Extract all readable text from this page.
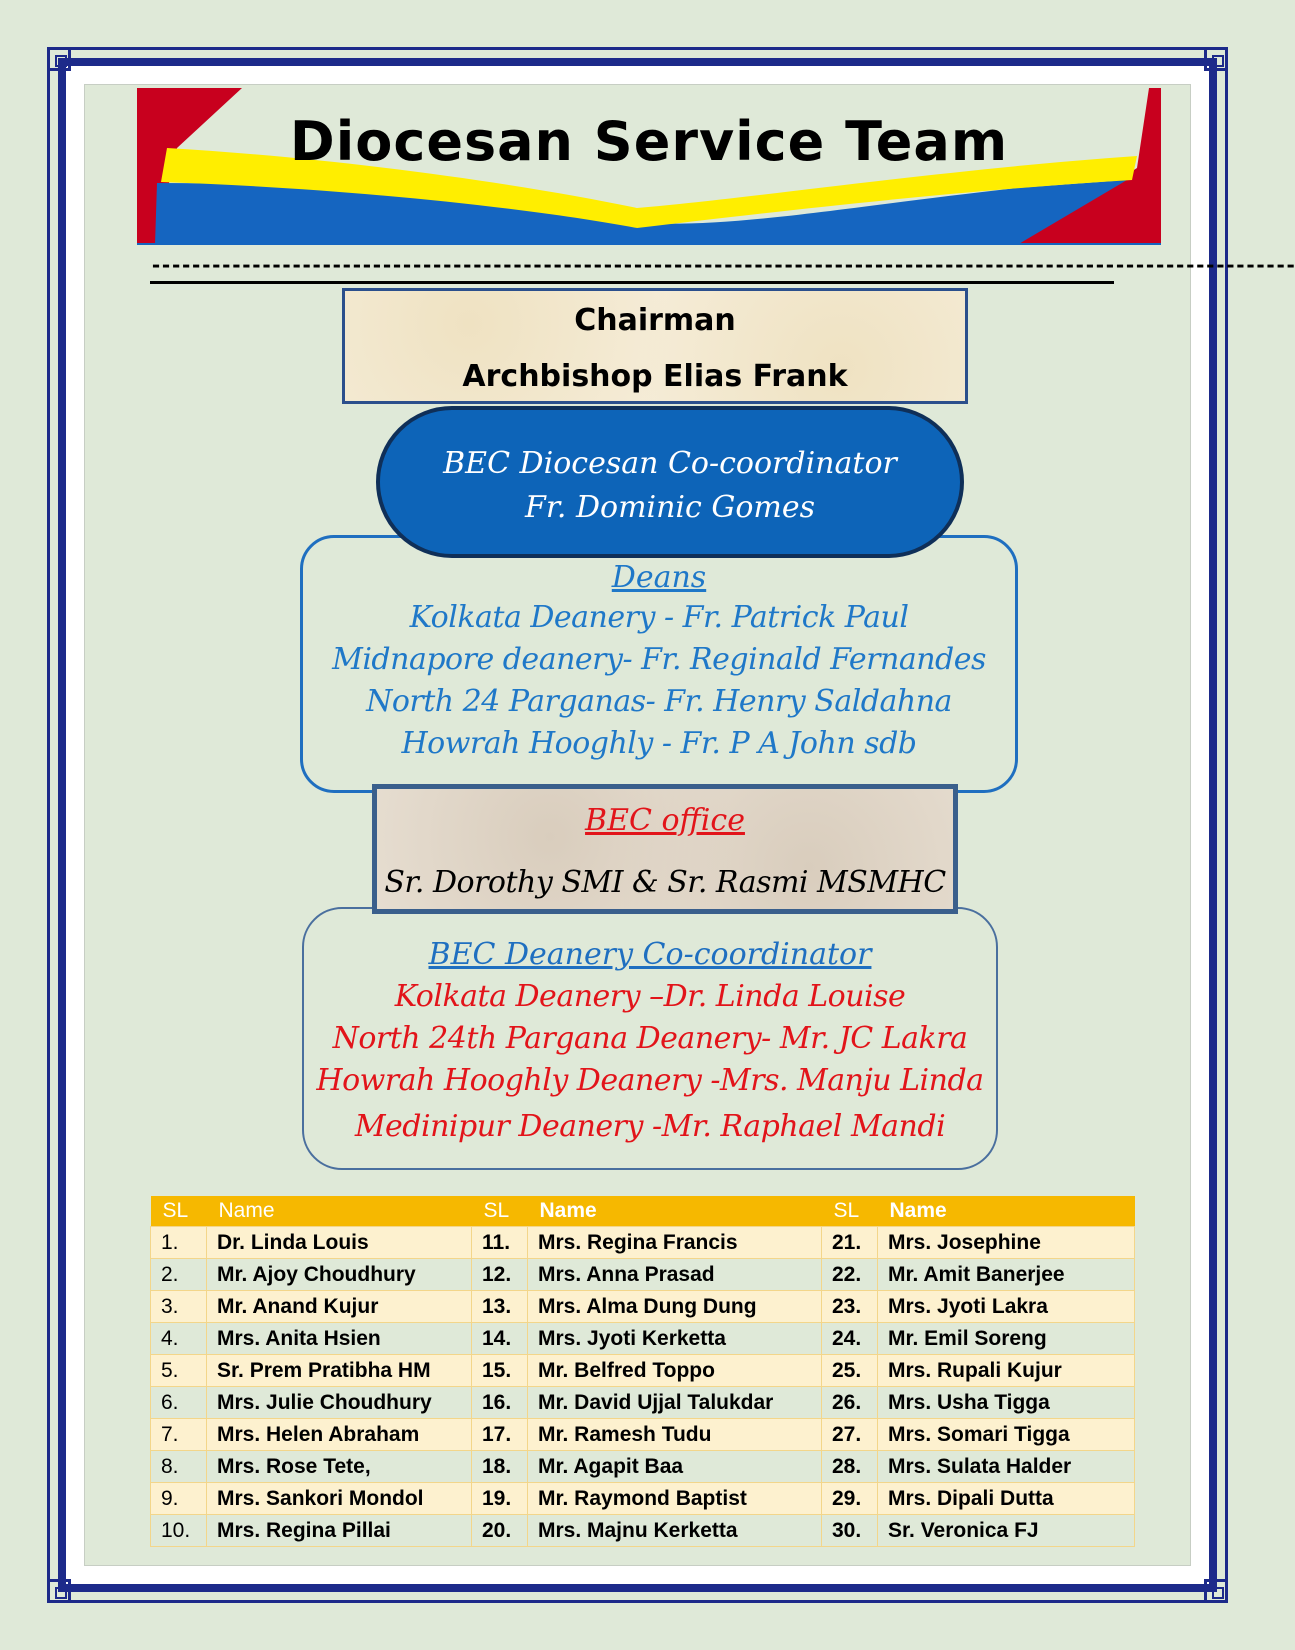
Diocesan Service Team
------------------------------------------------------------------------------------------------------------------
Chairman
Archbishop Elias Frank
Deans
Kolkata Deanery - Fr. Patrick Paul
Midnapore deanery- Fr. Reginald Fernandes
North 24 Parganas- Fr. Henry Saldahna
Howrah Hooghly - Fr. P A John sdb
BEC Diocesan Co-coordinator
Fr. Dominic Gomes
BEC Deanery Co-coordinator
Kolkata Deanery –Dr. Linda Louise
North 24th Pargana Deanery- Mr. JC Lakra
Howrah Hooghly Deanery -Mrs. Manju Linda
Medinipur Deanery -Mr. Raphael Mandi
BEC office
Sr. Dorothy SMI & Sr. Rasmi MSMHC
SL	Name	SL	Name	SL	Name
1.	Dr. Linda Louis	11.	Mrs. Regina Francis	21.	Mrs. Josephine
2.	Mr. Ajoy Choudhury	12.	Mrs. Anna Prasad	22.	Mr. Amit Banerjee
3.	Mr. Anand Kujur	13.	Mrs. Alma Dung Dung	23.	Mrs. Jyoti Lakra
4.	Mrs. Anita Hsien	14.	Mrs. Jyoti Kerketta	24.	Mr. Emil Soreng
5.	Sr. Prem Pratibha HM	15.	Mr. Belfred Toppo	25.	Mrs. Rupali Kujur
6.	Mrs. Julie Choudhury	16.	Mr. David Ujjal Talukdar	26.	Mrs. Usha Tigga
7.	Mrs. Helen Abraham	17.	Mr. Ramesh Tudu	27.	Mrs. Somari Tigga
8.	Mrs. Rose Tete,	18.	Mr. Agapit Baa	28.	Mrs. Sulata Halder
9.	Mrs. Sankori Mondol	19.	Mr. Raymond Baptist	29.	Mrs. Dipali Dutta
10.	Mrs. Regina Pillai	20.	Mrs. Majnu Kerketta	30.	Sr. Veronica FJ
